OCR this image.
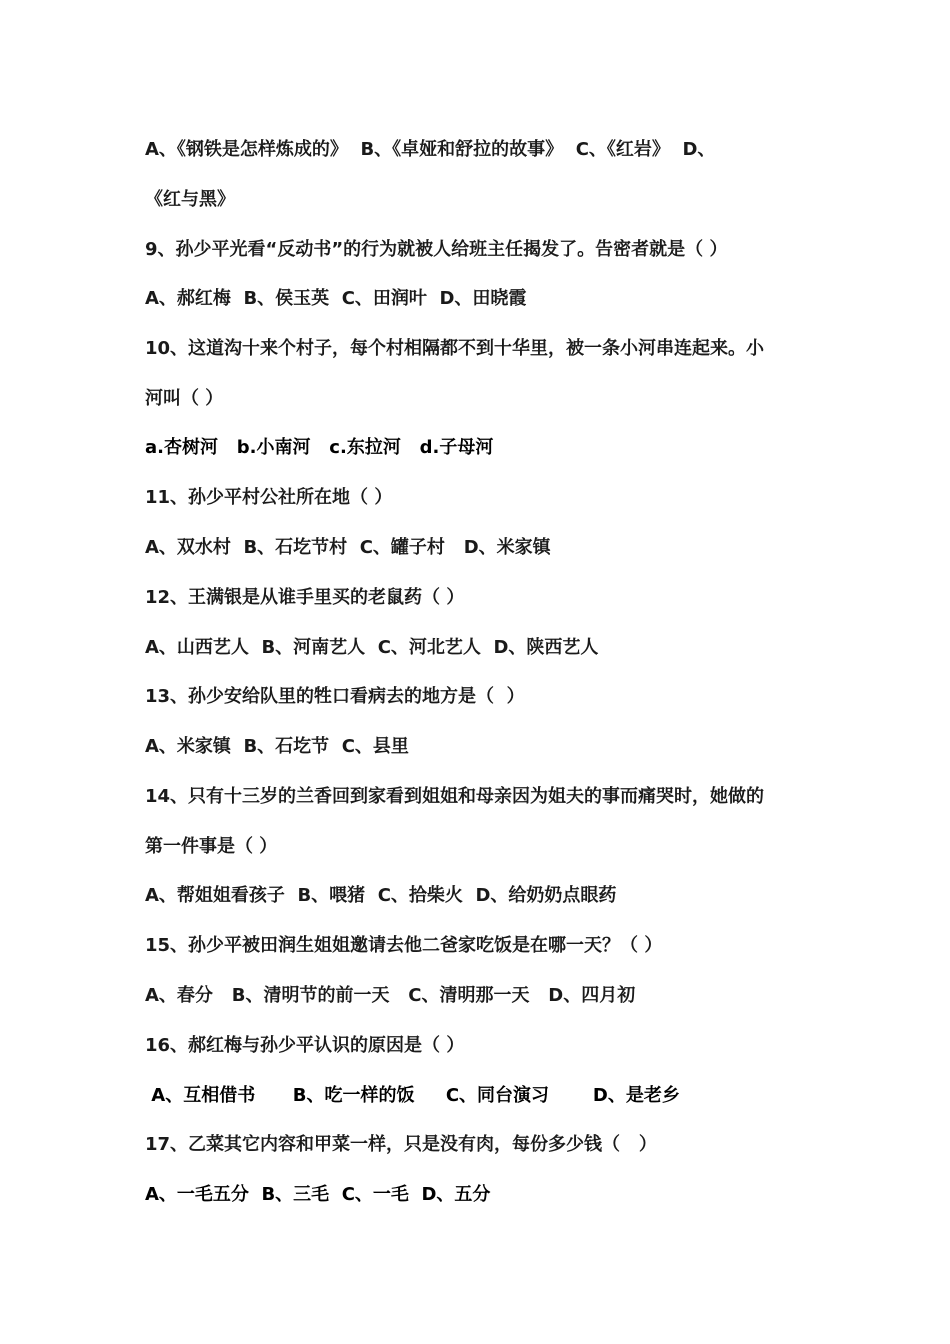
A、《钢铁是怎样炼成的》  B、《卓娅和舒拉的故事》  C、《红岩》  D、
《红与黑》
9、孙少平光看“反动书”的行为就被人给班主任揭发了。告密者就是（ ）
A、郝红梅  B、侯玉英  C、田润叶  D、田晓霞
10、这道沟十来个村子，每个村相隔都不到十华里，被一条小河串连起来。小
河叫（ ）
a.杏树河   b.小南河   c.东拉河   d.子母河
11、孙少平村公社所在地（ ）
A、双水村  B、石圪节村  C、罐子村   D、米家镇
12、王满银是从谁手里买的老鼠药（ ）
A、山西艺人  B、河南艺人  C、河北艺人  D、陕西艺人
13、孙少安给队里的牲口看病去的地方是（  ）
A、米家镇  B、石圪节  C、县里
14、只有十三岁的兰香回到家看到姐姐和母亲因为姐夫的事而痛哭时，她做的
第一件事是（ ）
A、帮姐姐看孩子  B、喂猪  C、拾柴火  D、给奶奶点眼药
15、孙少平被田润生姐姐邀请去他二爸家吃饭是在哪一天？（ ）
A、春分   B、清明节的前一天   C、清明那一天   D、四月初
16、郝红梅与孙少平认识的原因是（ ）
A、互相借书      B、吃一样的饭     C、同台演习       D、是老乡
17、乙菜其它内容和甲菜一样，只是没有肉，每份多少钱（   ）
A、一毛五分  B、三毛  C、一毛  D、五分
